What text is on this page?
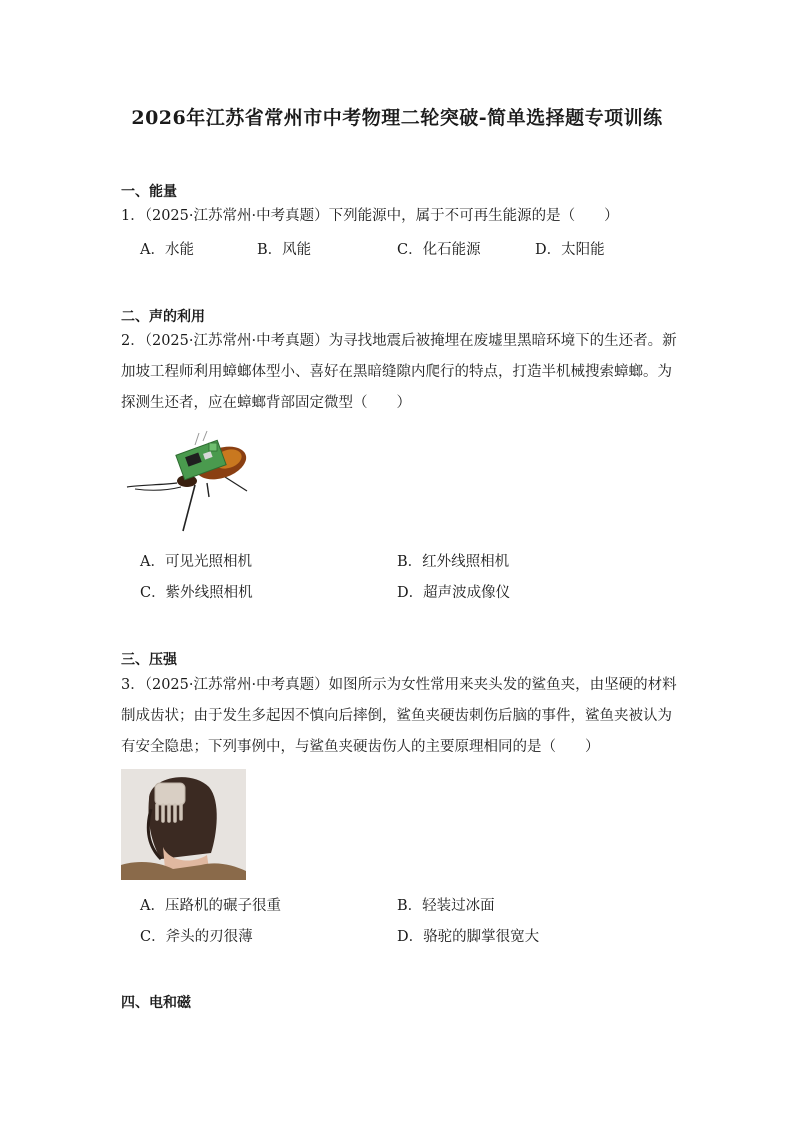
2026年江苏省常州市中考物理二轮突破-简单选择题专项训练
一、能量
1．（2025·江苏常州·中考真题）下列能源中，属于不可再生能源的是（　　）
A．水能	B．风能	C．化石能源	D．太阳能
二、声的利用
2．（2025·江苏常州·中考真题）为寻找地震后被掩埋在废墟里黑暗环境下的生还者。新加坡工程师利用蟑螂体型小、喜好在黑暗缝隙内爬行的特点，打造半机械搜索蟑螂。为探测生还者，应在蟑螂背部固定微型（　　）
A．可见光照相机	B．红外线照相机
C．紫外线照相机	D．超声波成像仪
三、压强
3．（2025·江苏常州·中考真题）如图所示为女性常用来夹头发的鲨鱼夹，由坚硬的材料制成齿状；由于发生多起因不慎向后摔倒，鲨鱼夹硬齿刺伤后脑的事件，鲨鱼夹被认为有安全隐患；下列事例中，与鲨鱼夹硬齿伤人的主要原理相同的是（　　）
A．压路机的碾子很重	B．轻装过冰面
C．斧头的刃很薄	D．骆驼的脚掌很宽大
四、电和磁
